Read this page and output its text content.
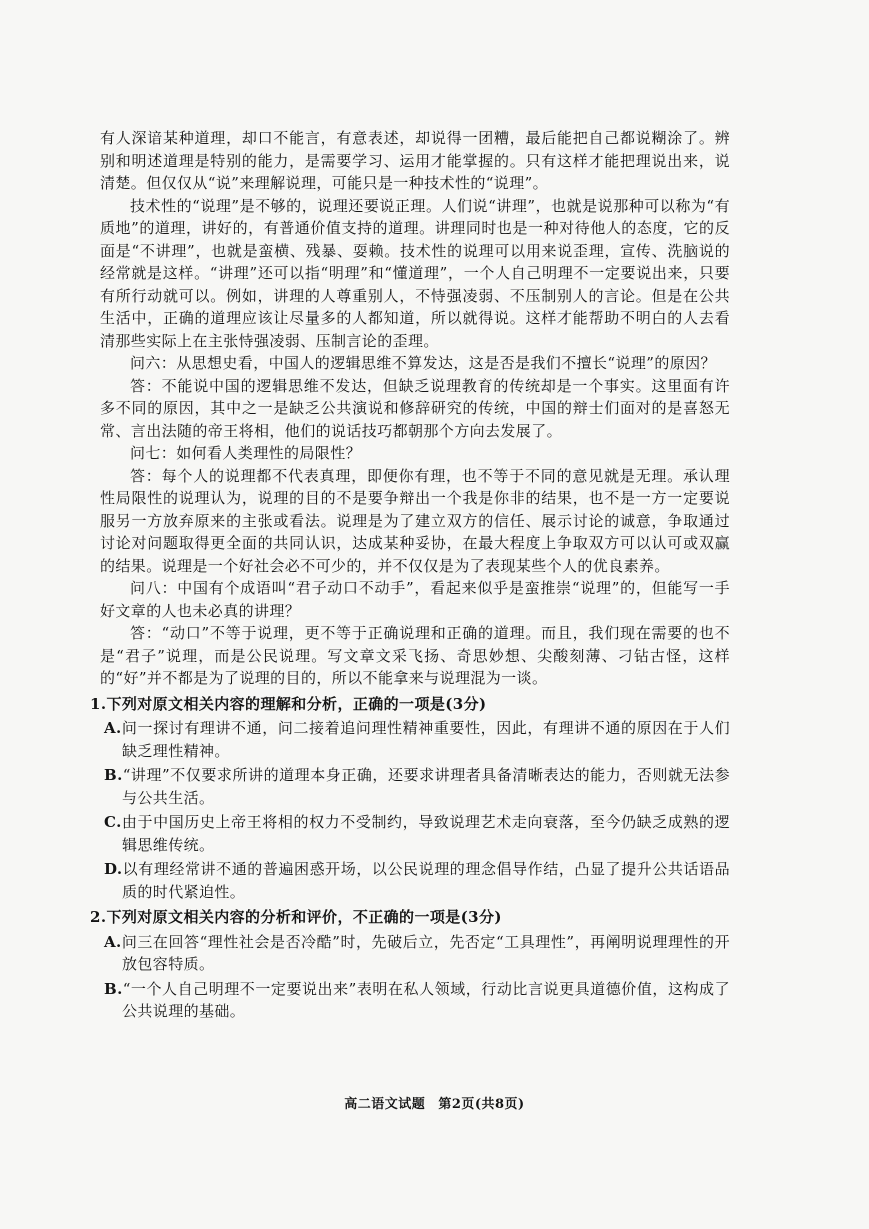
有人深谙某种道理，却口不能言，有意表述，却说得一团糟，最后能把自己都说糊涂了。辨别和明述道理是特别的能力，是需要学习、运用才能掌握的。只有这样才能把理说出来，说清楚。但仅仅从“说”来理解说理，可能只是一种技术性的“说理”。

技术性的“说理”是不够的，说理还要说正理。人们说“讲理”，也就是说那种可以称为“有质地”的道理，讲好的，有普通价值支持的道理。讲理同时也是一种对待他人的态度，它的反面是“不讲理”，也就是蛮横、残暴、耍赖。技术性的说理可以用来说歪理，宣传、洗脑说的经常就是这样。“讲理”还可以指“明理”和“懂道理”，一个人自己明理不一定要说出来，只要有所行动就可以。例如，讲理的人尊重别人，不恃强凌弱、不压制别人的言论。但是在公共生活中，正确的道理应该让尽量多的人都知道，所以就得说。这样才能帮助不明白的人去看清那些实际上在主张恃强凌弱、压制言论的歪理。

问六：从思想史看，中国人的逻辑思维不算发达，这是否是我们不擅长“说理”的原因？

答：不能说中国的逻辑思维不发达，但缺乏说理教育的传统却是一个事实。这里面有许多不同的原因，其中之一是缺乏公共演说和修辞研究的传统，中国的辩士们面对的是喜怒无常、言出法随的帝王将相，他们的说话技巧都朝那个方向去发展了。

问七：如何看人类理性的局限性？

答：每个人的说理都不代表真理，即便你有理，也不等于不同的意见就是无理。承认理性局限性的说理认为，说理的目的不是要争辩出一个我是你非的结果，也不是一方一定要说服另一方放弃原来的主张或看法。说理是为了建立双方的信任、展示讨论的诚意，争取通过讨论对问题取得更全面的共同认识，达成某种妥协，在最大程度上争取双方可以认可或双赢的结果。说理是一个好社会必不可少的，并不仅仅是为了表现某些个人的优良素养。

问八：中国有个成语叫“君子动口不动手”，看起来似乎是蛮推崇“说理”的，但能写一手好文章的人也未必真的讲理？

答：“动口”不等于说理，更不等于正确说理和正确的道理。而且，我们现在需要的也不是“君子”说理，而是公民说理。写文章文采飞扬、奇思妙想、尖酸刻薄、刁钻古怪，这样的“好”并不都是为了说理的目的，所以不能拿来与说理混为一谈。

1.下列对原文相关内容的理解和分析，正确的一项是(3分)

A.问一探讨有理讲不通，问二接着追问理性精神重要性，因此，有理讲不通的原因在于人们缺乏理性精神。

B.“讲理”不仅要求所讲的道理本身正确，还要求讲理者具备清晰表达的能力，否则就无法参与公共生活。

C.由于中国历史上帝王将相的权力不受制约，导致说理艺术走向衰落，至今仍缺乏成熟的逻辑思维传统。

D.以有理经常讲不通的普遍困惑开场，以公民说理的理念倡导作结，凸显了提升公共话语品质的时代紧迫性。

2.下列对原文相关内容的分析和评价，不正确的一项是(3分)

A.问三在回答“理性社会是否冷酷”时，先破后立，先否定“工具理性”，再阐明说理理性的开放包容特质。

B.“一个人自己明理不一定要说出来”表明在私人领域，行动比言说更具道德价值，这构成了公共说理的基础。

高二语文试题 第2页(共8页)
